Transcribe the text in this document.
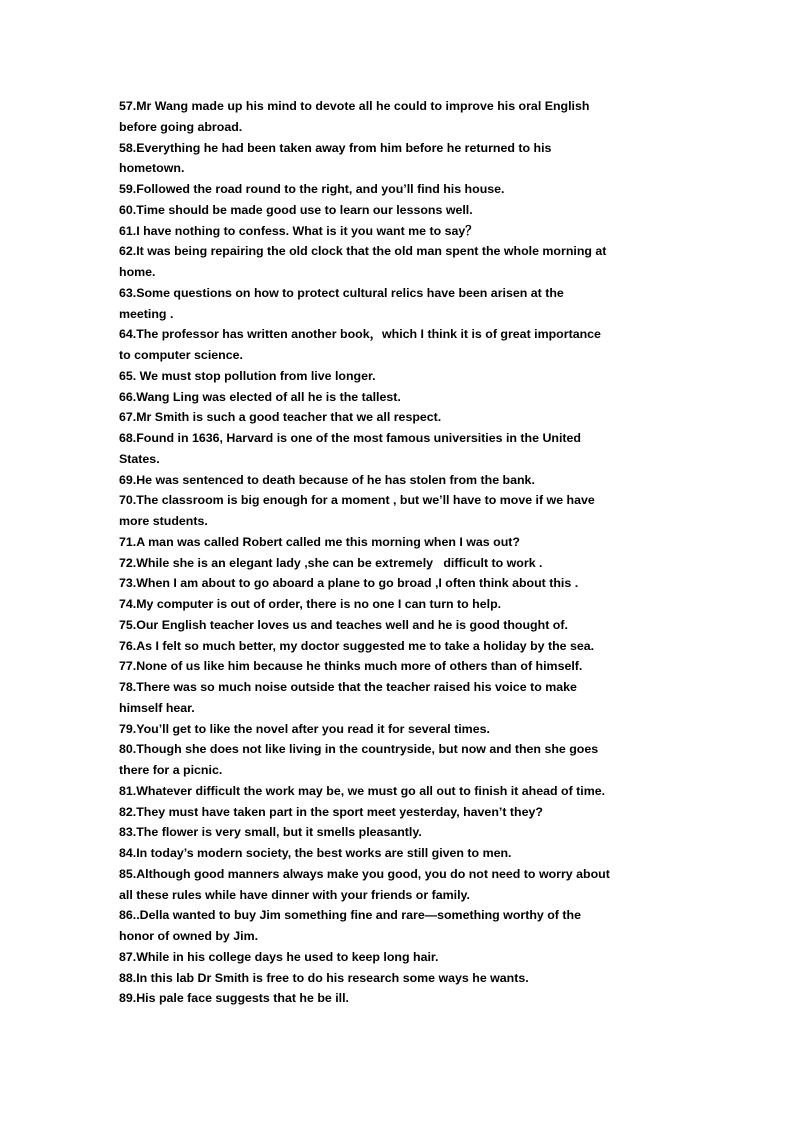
57.Mr Wang made up his mind to devote all he could to improve his oral English
before going abroad.
58.Everything he had been taken away from him before he returned to his
hometown.
59.Followed the road round to the right, and you’ll find his house.
60.Time should be made good use to learn our lessons well.
61.I have nothing to confess. What is it you want me to say？
62.It was being repairing the old clock that the old man spent the whole morning at
home.
63.Some questions on how to protect cultural relics have been arisen at the
meeting .
64.The professor has written another book，which I think it is of great importance
to computer science.
65. We must stop pollution from live longer.
66.Wang Ling was elected of all he is the tallest.
67.Mr Smith is such a good teacher that we all respect.
68.Found in 1636, Harvard is one of the most famous universities in the United
States.
69.He was sentenced to death because of he has stolen from the bank.
70.The classroom is big enough for a moment , but we’ll have to move if we have
more students.
71.A man was called Robert called me this morning when I was out?
72.While she is an elegant lady ,she can be extremely   difficult to work .
73.When I am about to go aboard a plane to go broad ,I often think about this .
74.My computer is out of order, there is no one I can turn to help.
75.Our English teacher loves us and teaches well and he is good thought of.
76.As I felt so much better, my doctor suggested me to take a holiday by the sea.
77.None of us like him because he thinks much more of others than of himself.
78.There was so much noise outside that the teacher raised his voice to make
himself hear.
79.You’ll get to like the novel after you read it for several times.
80.Though she does not like living in the countryside, but now and then she goes
there for a picnic.
81.Whatever difficult the work may be, we must go all out to finish it ahead of time.
82.They must have taken part in the sport meet yesterday, haven’t they?
83.The flower is very small, but it smells pleasantly.
84.In today’s modern society, the best works are still given to men.
85.Although good manners always make you good, you do not need to worry about
all these rules while have dinner with your friends or family.
86..Della wanted to buy Jim something fine and rare—something worthy of the
honor of owned by Jim.
87.While in his college days he used to keep long hair.
88.In this lab Dr Smith is free to do his research some ways he wants.
89.His pale face suggests that he be ill.
